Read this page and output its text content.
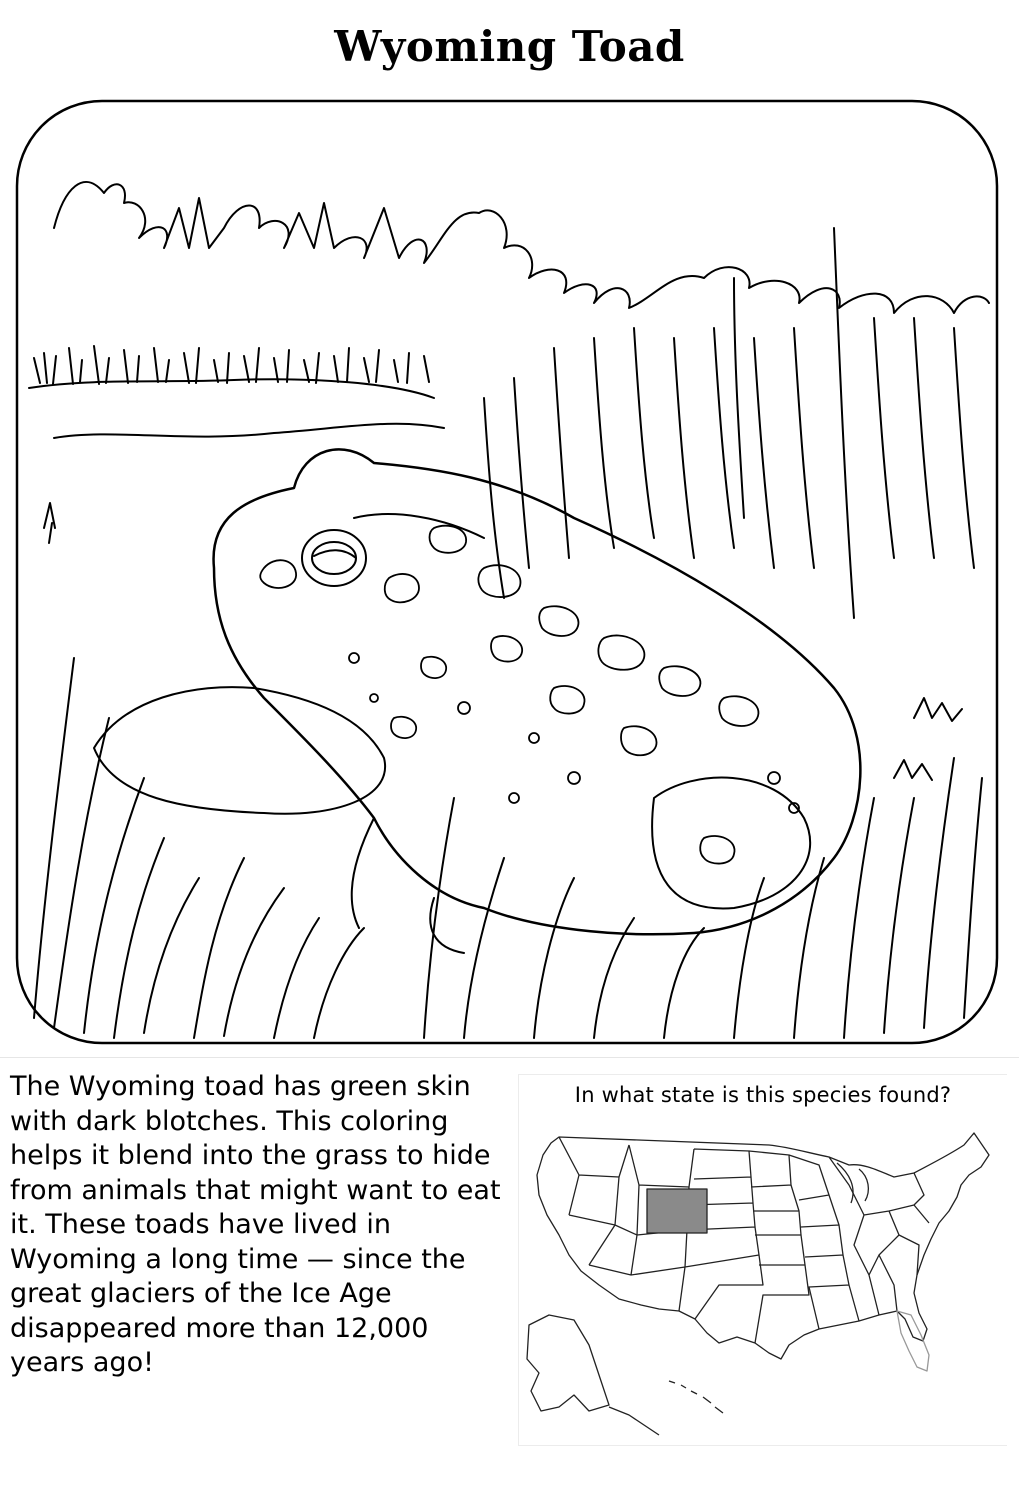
Wyoming Toad
The Wyoming toad has green skin with dark blotches. This coloring helps it blend into the grass to hide from animals that might want to eat it. These toads have lived in Wyoming a long time — since the great glaciers of the Ice Age disappeared more than 12,000 years ago!
In what state is this species found?
